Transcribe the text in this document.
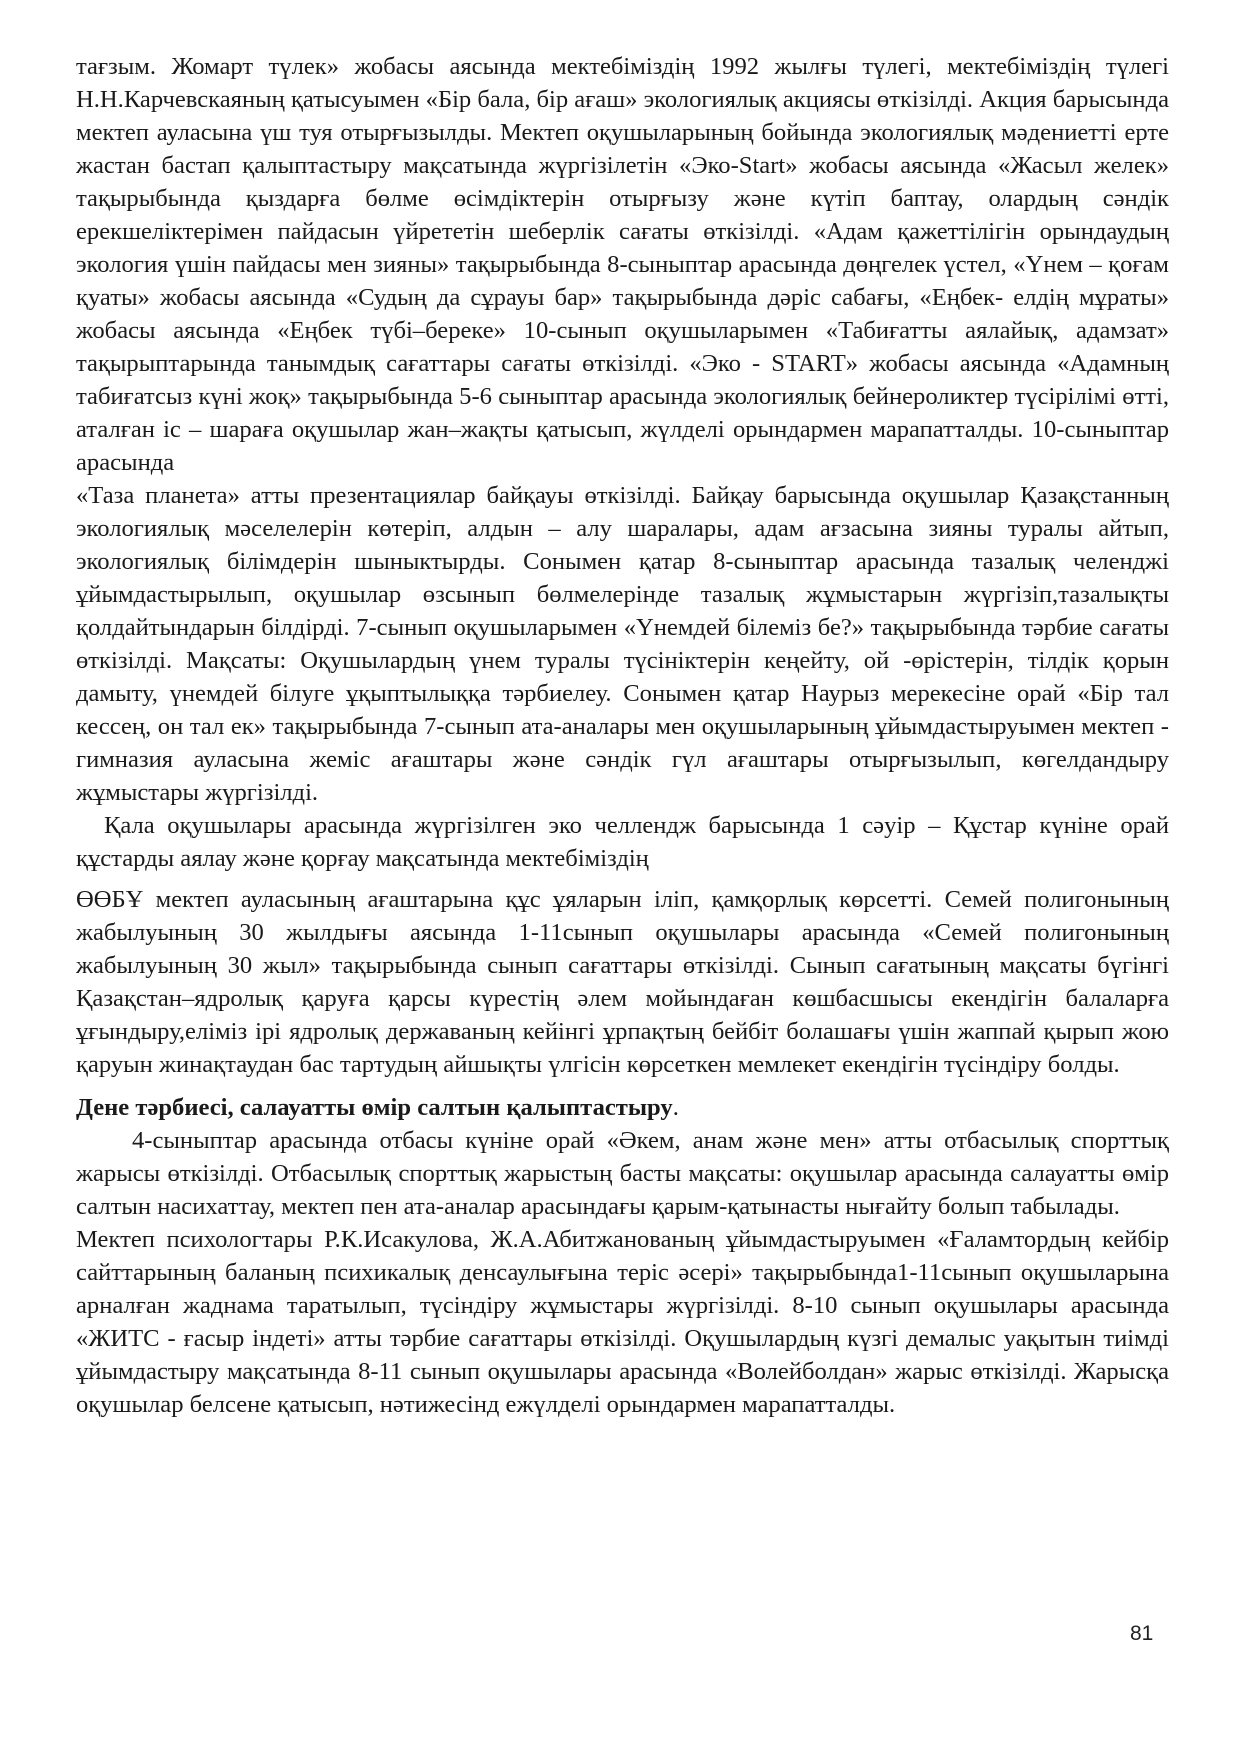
тағзым. Жомарт түлек» жобасы аясында мектебіміздің 1992 жылғы түлегі, мектебіміздің түлегі Н.Н.Карчевскаяның қатысуымен «Бір бала, бір ағаш» экологиялық акциясы өткізілді. Акция барысында мектеп ауласына үш туя отырғызылды. Мектеп оқушыларының бойында экологиялық мәдениетті ерте жастан бастап қалыптастыру мақсатында жүргізілетін «Эко-Start» жобасы аясында «Жасыл желек» тақырыбында қыздарға бөлме өсімдіктерін отырғызу және күтіп баптау, олардың сәндік ерекшеліктерімен пайдасын үйрететін шеберлік сағаты өткізілді. «Адам қажеттілігін орындаудың экология үшін пайдасы мен зияны» тақырыбында 8-сыныптар арасында дөңгелек үстел, «Үнем – қоғам қуаты» жобасы аясында «Судың да сұрауы бар» тақырыбында дәріс сабағы, «Еңбек- елдің мұраты» жобасы аясында «Еңбек түбі–береке» 10-сынып оқушыларымен «Табиғатты аялайық, адамзат» тақырыптарында танымдық сағаттары сағаты өткізілді. «Эко - START» жобасы аясында «Адамның табиғатсыз күні жоқ» тақырыбында 5-6 сыныптар арасында экологиялық бейнероликтер түсірілімі өтті, аталған іс – шараға оқушылар жан–жақты қатысып, жүлделі орындармен марапатталды. 10-сыныптар арасында

«Таза планета» атты презентациялар байқауы өткізілді. Байқау барысында оқушылар Қазақстанның экологиялық мәселелерін көтеріп, алдын – алу шаралары, адам ағзасына зияны туралы айтып, экологиялық білімдерін шыныктырды. Сонымен қатар 8-сыныптар арасында тазалық челенджі ұйымдастырылып, оқушылар өзсынып бөлмелерінде тазалық жұмыстарын жүргізіп,тазалықты қолдайтындарын білдірді. 7-сынып оқушыларымен «Үнемдей білеміз бе?» тақырыбында тәрбие сағаты өткізілді. Мақсаты: Оқушылардың үнем туралы түсініктерін кеңейту, ой -өрістерін, тілдік қорын дамыту, үнемдей білуге ұқыптылыққа тәрбиелеу. Сонымен қатар Наурыз мерекесіне орай «Бір тал кессең, он тал ек» тақырыбында 7-сынып ата-аналары мен оқушыларының ұйымдастыруымен мектеп - гимназия ауласына жеміс ағаштары және сәндік гүл ағаштары отырғызылып, көгелдандыру жұмыстары жүргізілді.

Қала оқушылары арасында жүргізілген эко челлендж барысында 1 сәуір – Құстар күніне орай құстарды аялау және қорғау мақсатында мектебіміздің

ӨӨБҰ мектеп ауласының ағаштарына құс ұяларын іліп, қамқорлық көрсетті. Семей полигонының жабылуының 30 жылдығы аясында 1-11сынып оқушылары арасында «Семей полигонының жабылуының 30 жыл» тақырыбында сынып сағаттары өткізілді. Сынып сағатының мақсаты бүгінгі Қазақстан–ядролық қаруға қарсы күрестің әлем мойындаған көшбасшысы екендігін балаларға ұғындыру,еліміз ірі ядролық державаның кейінгі ұрпақтың бейбіт болашағы үшін жаппай қырып жою қаруын жинақтаудан бас тартудың айшықты үлгісін көрсеткен мемлекет екендігін түсіндіру болды.

Дене тәрбиесі, салауатты өмір салтын қалыптастыру.

4-сыныптар арасында отбасы күніне орай «Әкем, анам және мен» атты отбасылық спорттық жарысы өткізілді. Отбасылық спорттық жарыстың басты мақсаты: оқушылар арасында салауатты өмір салтын насихаттау, мектеп пен ата-аналар арасындағы қарым-қатынасты нығайту болып табылады.

Мектеп психологтары Р.К.Исакулова, Ж.А.Абитжанованың ұйымдастыруымен «Ғаламтордың кейбір сайттарының баланың психикалық денсаулығына теріс әсері» тақырыбында1-11сынып оқушыларына арналған жаднама таратылып, түсіндіру жұмыстары жүргізілді. 8-10 сынып оқушылары арасында «ЖИТС - ғасыр індеті» атты тәрбие сағаттары өткізілді. Оқушылардың күзгі демалыс уақытын тиімді ұйымдастыру мақсатында 8-11 сынып оқушылары арасында «Волейболдан» жарыс өткізілді. Жарысқа оқушылар белсене қатысып, нәтижесінд ежүлделі орындармен марапатталды.

81
